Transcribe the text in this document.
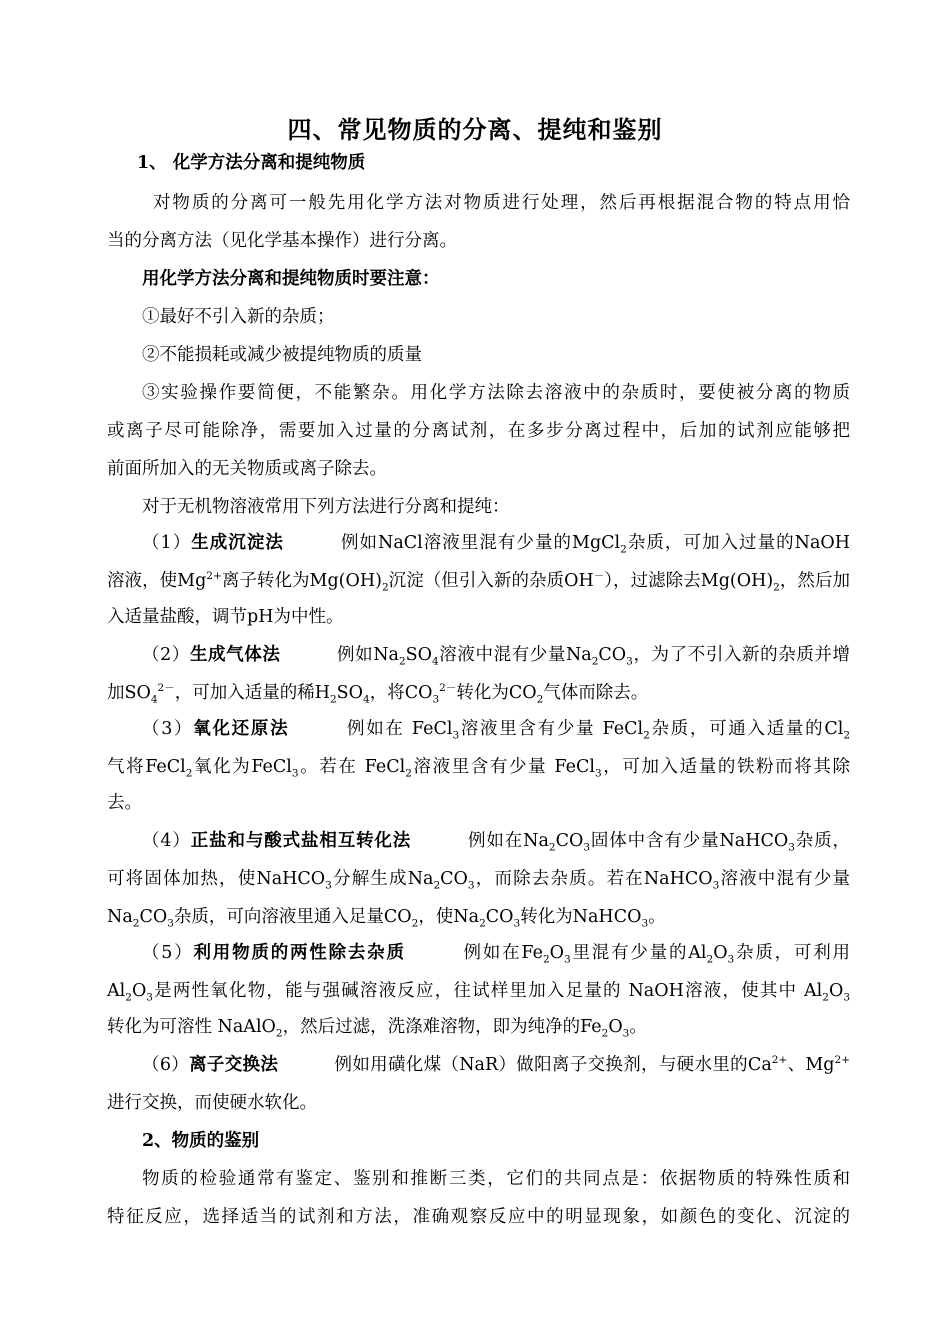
四、常见物质的分离、提纯和鉴别
1、 化学方法分离和提纯物质
对物质的分离可一般先用化学方法对物质进行处理，然后再根据混合物的特点用恰
当的分离方法（见化学基本操作）进行分离。
用化学方法分离和提纯物质时要注意：
①最好不引入新的杂质；
②不能损耗或减少被提纯物质的质量
③实验操作要简便，不能繁杂。用化学方法除去溶液中的杂质时，要使被分离的物质
或离子尽可能除净，需要加入过量的分离试剂，在多步分离过程中，后加的试剂应能够把
前面所加入的无关物质或离子除去。
对于无机物溶液常用下列方法进行分离和提纯：
（1）生成沉淀法	例如NaCl溶液里混有少量的MgCl$_2$杂质，可加入过量的NaOH
溶液，使$Mg^{2+}$离子转化为$Mg(OH)_2$沉淀（但引入新的杂质OH－），过滤除去$Mg(OH)_2$，然后加
入适量盐酸，调节pH为中性。
（2）生成气体法	例如$Na_2SO_4$溶液中混有少量$Na_2CO_3$，为了不引入新的杂质并增
加$SO_4^{2-}$，可加入适量的稀$H_2SO_4$，将$CO_3^{2-}$转化为$CO_2$气体而除去。
（3）氧化还原法	例如在 FeCl$_3$溶液里含有少量 FeCl$_2$杂质，可通入适量的$Cl_2$
气将FeCl$_2$氧化为FeCl$_3$。若在 FeCl$_2$溶液里含有少量 FeCl$_3$，可加入适量的铁粉而将其除
去。
（4）正盐和与酸式盐相互转化法	例如在$Na_2CO_3$固体中含有少量NaHCO$_3$杂质，
可将固体加热，使NaHCO$_3$分解生成$Na_2CO_3$，而除去杂质。若在NaHCO$_3$溶液中混有少量
$Na_2CO_3$杂质，可向溶液里通入足量$CO_2$，使$Na_2CO_3$转化为NaHCO$_3$。
（5）利用物质的两性除去杂质	例如在$Fe_2O_3$里混有少量的$Al_2O_3$杂质，可利用
$Al_2O_3$是两性氧化物，能与强碱溶液反应，往试样里加入足量的 NaOH溶液，使其中 $Al_2O_3$
转化为可溶性 NaAlO$_2$，然后过滤，洗涤难溶物，即为纯净的$Fe_2O_3$。
（6）离子交换法	例如用磺化煤（NaR）做阳离子交换剂，与硬水里的$Ca^{2+}$、$Mg^{2+}$
进行交换，而使硬水软化。
2、物质的鉴别
物质的检验通常有鉴定、鉴别和推断三类，它们的共同点是：依据物质的特殊性质和
特征反应，选择适当的试剂和方法，准确观察反应中的明显现象，如颜色的变化、沉淀的
